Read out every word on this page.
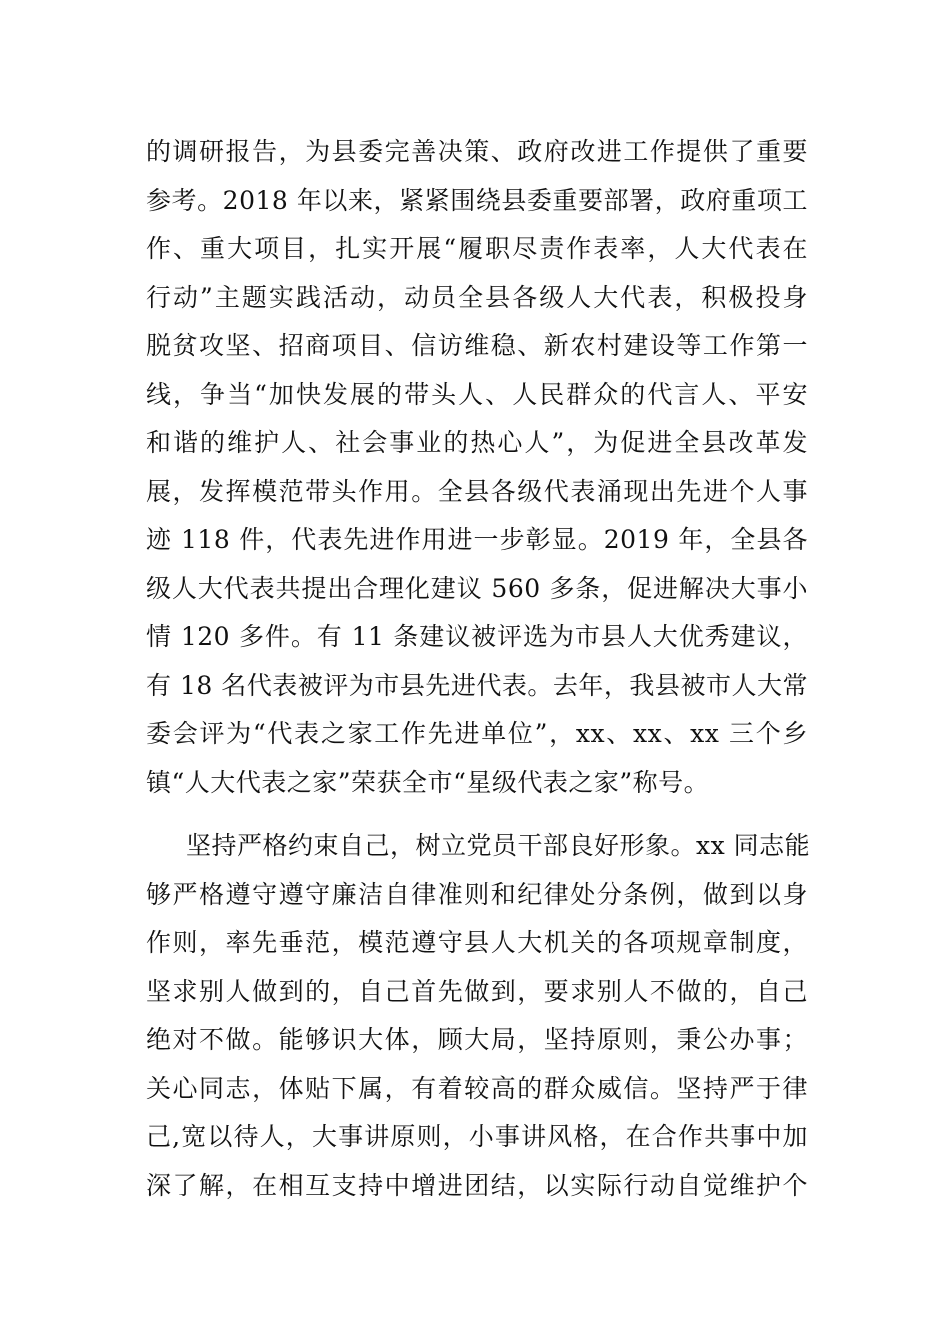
的调研报告，为县委完善决策、政府改进工作提供了重要
参考。2018 年以来，紧紧围绕县委重要部署，政府重项工
作、重大项目，扎实开展“履职尽责作表率，人大代表在
行动”主题实践活动，动员全县各级人大代表，积极投身
脱贫攻坚、招商项目、信访维稳、新农村建设等工作第一
线，争当“加快发展的带头人、人民群众的代言人、平安
和谐的维护人、社会事业的热心人”，为促进全县改革发
展，发挥模范带头作用。全县各级代表涌现出先进个人事
迹 118 件，代表先进作用进一步彰显。2019 年，全县各
级人大代表共提出合理化建议 560 多条，促进解决大事小
情 120 多件。有 11 条建议被评选为市县人大优秀建议，
有 18 名代表被评为市县先进代表。去年，我县被市人大常
委会评为“代表之家工作先进单位”，xx、xx、xx 三个乡
镇“人大代表之家”荣获全市“星级代表之家”称号。
坚持严格约束自己，树立党员干部良好形象。xx 同志能
够严格遵守遵守廉洁自律准则和纪律处分条例，做到以身
作则，率先垂范，模范遵守县人大机关的各项规章制度，
坚求别人做到的，自己首先做到，要求别人不做的，自己
绝对不做。能够识大体，顾大局，坚持原则，秉公办事；
关心同志，体贴下属，有着较高的群众威信。坚持严于律
己,宽以待人，大事讲原则，小事讲风格，在合作共事中加
深了解，在相互支持中增进团结，以实际行动自觉维护个
